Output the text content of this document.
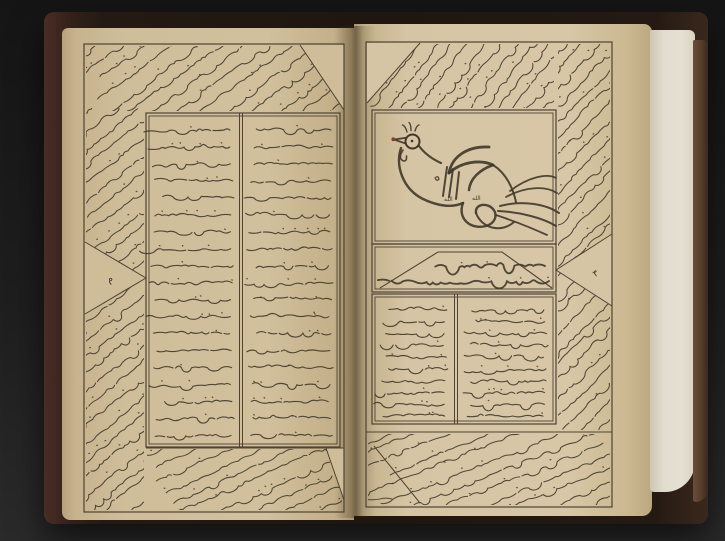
م	٣
الله	الله
